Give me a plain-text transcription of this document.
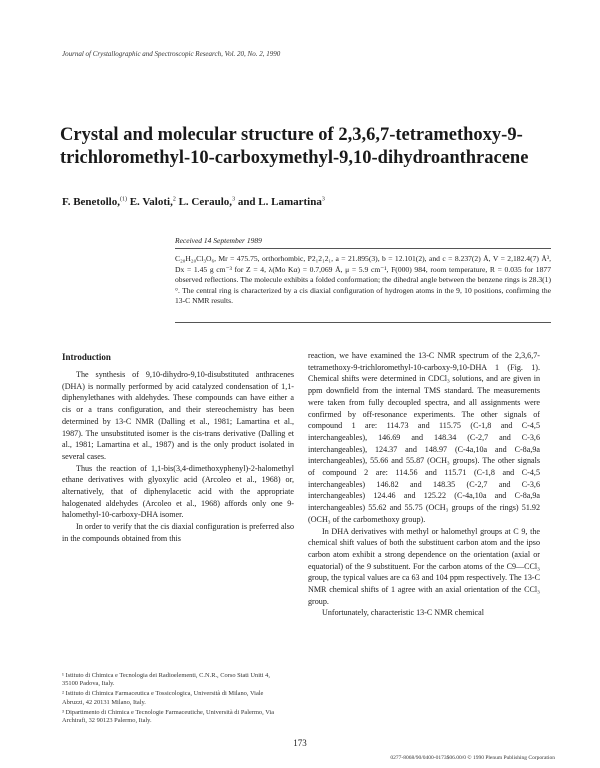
Journal of Crystallographic and Spectroscopic Research, Vol. 20, No. 2, 1990
Crystal and molecular structure of 2,3,6,7-tetramethoxy-9-trichloromethyl-10-carboxymethyl-9,10-dihydroanthracene
F. Benetollo,$^{(1)}$ E. Valoti,$^2$ L. Ceraulo,$^3$ and L. Lamartina$^3$
Received 14 September 1989

C₂₀H₂₀Cl₃O₆, Mr = 475.75, orthorhombic, P2₁2₁2₁, a = 21.895(3), b = 12.101(2), and c = 8.237(2) Å, V = 2,182.4(7) Å³, Dx = 1.45 g cm⁻³ for Z = 4, λ(Mo Kα) = 0.7,069 Å, μ = 5.9 cm⁻¹, F(000) 984, room temperature, R = 0.035 for 1877 observed reflections. The molecule exhibits a folded conformation; the dihedral angle between the benzene rings is 28.3(1)°. The central ring is characterized by a cis diaxial configuration of hydrogen atoms in the 9, 10 positions, confirming the 13-C NMR results.

Introduction

The synthesis of 9,10-dihydro-9,10-disubstituted anthracenes (DHA) is normally performed by acid catalyzed condensation of 1,1-diphenylethanes with aldehydes. These compounds can have either a cis or a trans configuration, and their stereochemistry has been determined by 13-C NMR (Dalling et al., 1981; Lamartina et al., 1987). The unsubstituted isomer is the cis-trans derivative (Dalling et al., 1981; Lamartina et al., 1987) and is the only product isolated in several cases.

Thus the reaction of 1,1-bis(3,4-dimethoxyphenyl)-2-halomethyl ethane derivatives with glyoxylic acid (Arcoleo et al., 1968) or, alternatively, that of diphenylacetic acid with the appropriate halogenated aldehydes (Arcoleo et al., 1968) affords only one 9-halomethyl-10-carboxy-DHA isomer.

In order to verify that the cis diaxial configuration is preferred also in the compounds obtained from this

reaction, we have examined the 13-C NMR spectrum of the 2,3,6,7-tetramethoxy-9-trichloromethyl-10-carboxy-9,10-DHA 1 (Fig. 1). Chemical shifts were determined in CDCl₃ solutions, and are given in ppm downfield from the internal TMS standard. The measurements were taken from fully decoupled spectra, and all assignments were confirmed by off-resonance experiments. The other signals of compound 1 are: 114.73 and 115.75 (C-1,8 and C-4,5 interchangeables), 146.69 and 148.34 (C-2,7 and C-3,6 interchangeables), 124.37 and 148.97 (C-4a,10a and C-8a,9a interchangeables), 55.66 and 55.87 (OCH₃ groups). The other signals of compound 2 are: 114.56 and 115.71 (C-1,8 and C-4,5 interchangeables) 146.82 and 148.35 (C-2,7 and C-3,6 interchangeables) 124.46 and 125.22 (C-4a,10a and C-8a,9a interchangeables) 55.62 and 55.75 (OCH₃ groups of the rings) 51.92 (OCH₃ of the carbomethoxy group).

In DHA derivatives with methyl or halomethyl groups at C 9, the chemical shift values of both the substituent carbon atom and the ipso carbon atom exhibit a strong dependence on the orientation (axial or equatorial) of the 9 substituent. For the carbon atoms of the C9—CCl₃ group, the typical values are ca 63 and 104 ppm respectively. The 13-C NMR chemical shifts of 1 agree with an axial orientation of the CCl₃ group.

Unfortunately, characteristic 13-C NMR chemical

¹ Istituto di Chimica e Tecnologia dei Radioelementi, C.N.R., Corso Stati Uniti 4, 35100 Padova, Italy.

² Istituto di Chimica Farmaceutica e Tossicologica, Università di Milano, Viale Abruzzi, 42 20131 Milano, Italy.

³ Dipartimento di Chimica e Tecnologie Farmaceutiche, Università di Palermo, Via Archirafi, 32 90123 Palermo, Italy.

173
0277-8068/90/0400-0173$06.00/0 © 1990 Plenum Publishing Corporation
